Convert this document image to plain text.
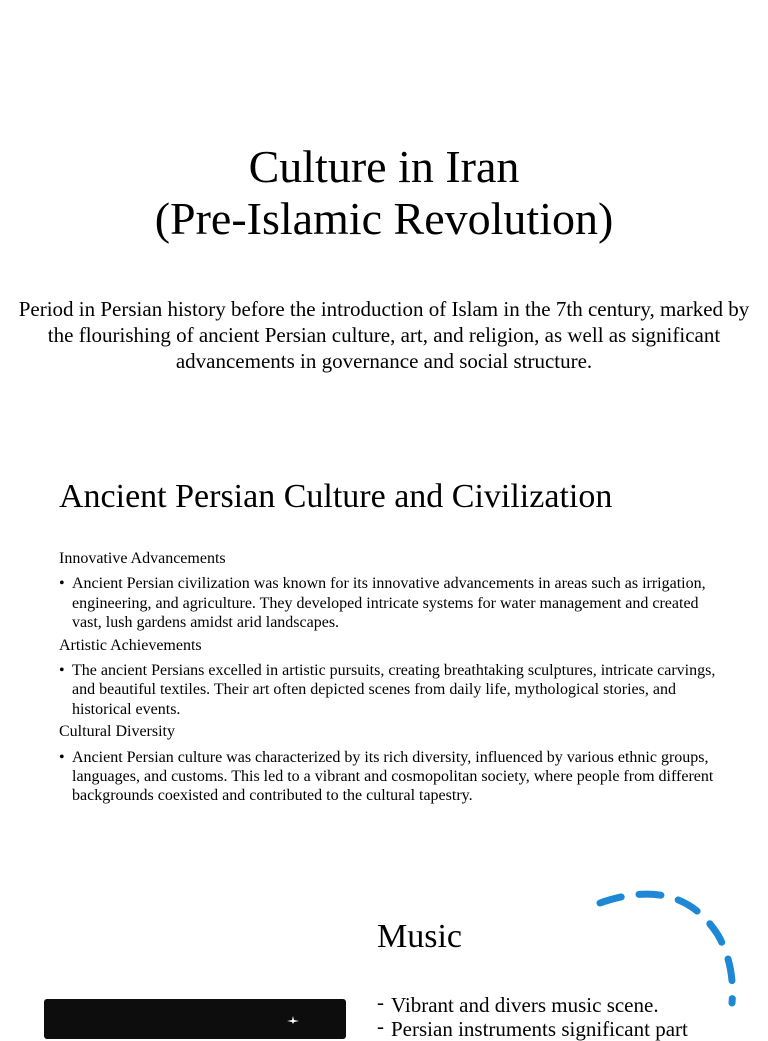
Culture in Iran
(Pre-Islamic Revolution)

Period in Persian history before the introduction of Islam in the 7th century, marked by the flourishing of ancient Persian culture, art, and religion, as well as significant advancements in governance and social structure.

Ancient Persian Culture and Civilization
Innovative Advancements
• Ancient Persian civilization was known for its innovative advancements in areas such as irrigation, engineering, and agriculture. They developed intricate systems for water management and created vast, lush gardens amidst arid landscapes.
Artistic Achievements
• The ancient Persians excelled in artistic pursuits, creating breathtaking sculptures, intricate carvings, and beautiful textiles. Their art often depicted scenes from daily life, mythological stories, and historical events.
Cultural Diversity
• Ancient Persian culture was characterized by its rich diversity, influenced by various ethnic groups, languages, and customs. This led to a vibrant and cosmopolitan society, where people from different backgrounds coexisted and contributed to the cultural tapestry.
Music
- Vibrant and divers music scene.
- Persian instruments significant part
